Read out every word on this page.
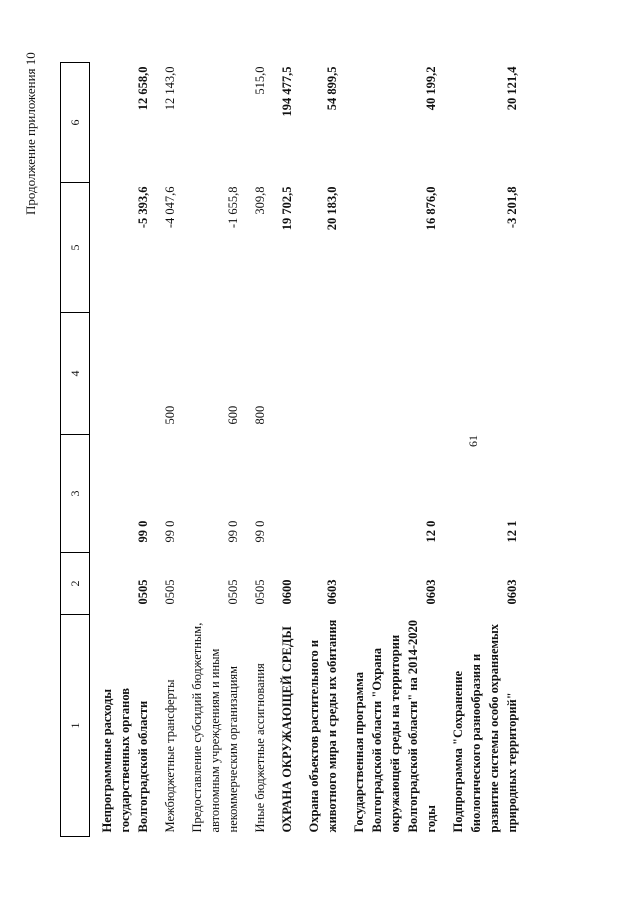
61
Продолжение приложения 10
1	2	3	4	5	6
Непрограммные расходы государственных органов Волгоградской области	0505	99 0		-5 393,6	12 658,0
Межбюджетные трансферты	0505	99 0	500	-4 047,6	12 143,0
Предоставление субсидий бюджетным, автономным учреждениям и иным некоммерческим организациям	0505	99 0	600	-1 655,8	
Иные бюджетные ассигнования	0505	99 0	800	309,8	515,0
ОХРАНА ОКРУЖАЮЩЕЙ СРЕДЫ	0600			19 702,5	194 477,5
Охрана объектов растительного и животного мира и среды их обитания	0603			20 183,0	54 899,5
Государственная программа Волгоградской области "Охрана окружающей среды на территории Волгоградской области" на 2014-2020 годы	0603	12 0		16 876,0	40 199,2
Подпрограмма "Сохранение биологического разнообразия и развитие системы особо охраняемых природных территорий"	0603	12 1		-3 201,8	20 121,4
